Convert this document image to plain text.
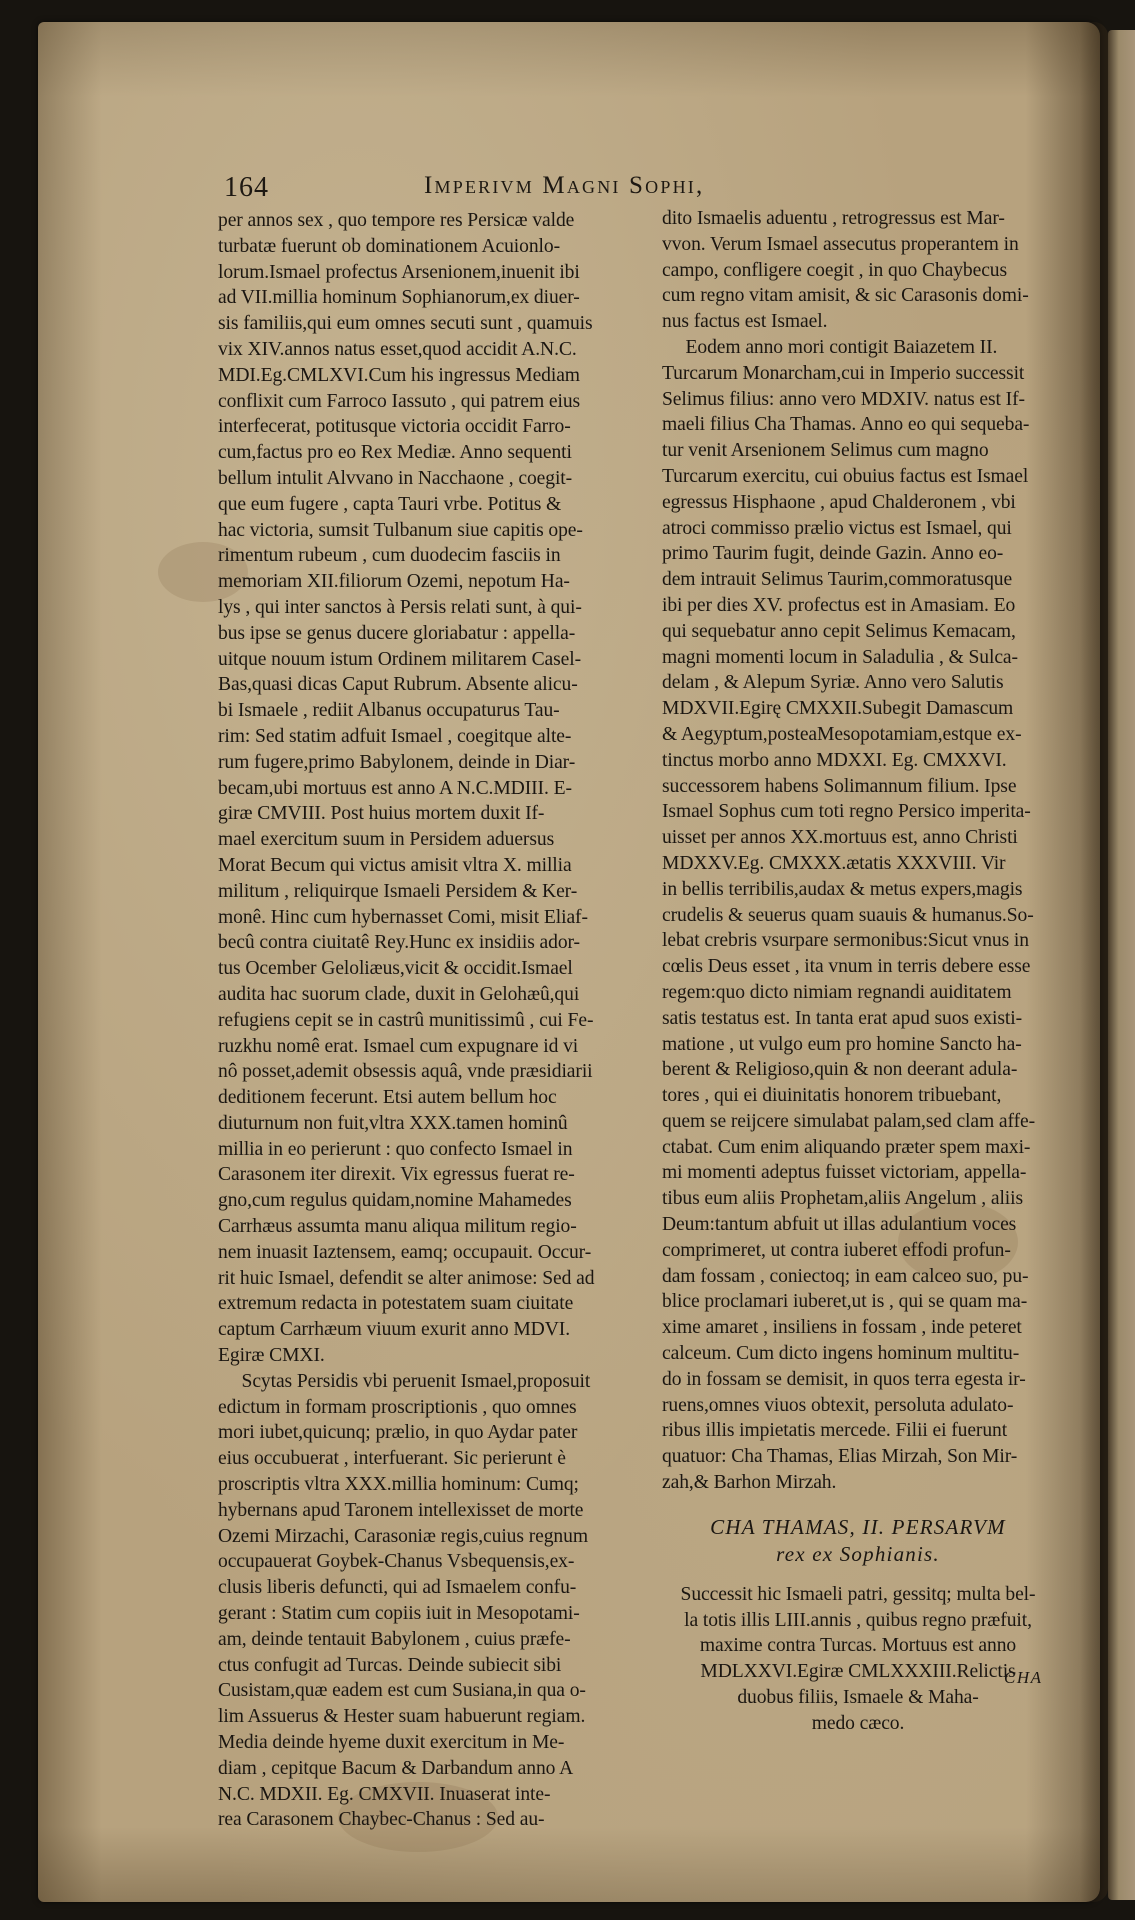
164	Imperivm Magni Sophi,

per annos sex , quo tempore res Persicæ valde
turbatæ fuerunt ob dominationem Acuionlo-
lorum.Ismael profectus Arsenionem,inuenit ibi
ad VII.millia hominum Sophianorum,ex diuer-
sis familiis,qui eum omnes secuti sunt , quamuis
vix XIV.annos natus esset,quod accidit A.N.C.
MDI.Eg.CMLXVI.Cum his ingressus Mediam
conflixit cum Farroco Iassuto , qui patrem eius
interfecerat, potitusque victoria occidit Farro-
cum,factus pro eo Rex Mediæ. Anno sequenti
bellum intulit Alvvano in Nacchaone , coegit-
que eum fugere , capta Tauri vrbe. Potitus &
hac victoria, sumsit Tulbanum siue capitis ope-
rimentum rubeum , cum duodecim fasciis in
memoriam XII.filiorum Ozemi, nepotum Ha-
lys , qui inter sanctos à Persis relati sunt, à qui-
bus ipse se genus ducere gloriabatur : appella-
uitque nouum istum Ordinem militarem Casel-
Bas,quasi dicas Caput Rubrum. Absente alicu-
bi Ismaele , rediit Albanus occupaturus Tau-
rim: Sed statim adfuit Ismael , coegitque alte-
rum fugere,primo Babylonem, deinde in Diar-
becam,ubi mortuus est anno A N.C.MDIII. E-
giræ CMVIII. Post huius mortem duxit If-
mael exercitum suum in Persidem aduersus
Morat Becum qui victus amisit vltra X. millia
militum , reliquirque Ismaeli Persidem & Ker-
monê. Hinc cum hybernasset Comi, misit Eliaf-
becû contra ciuitatê Rey.Hunc ex insidiis ador-
tus Ocember Geloliæus,vicit & occidit.Ismael
audita hac suorum clade, duxit in Gelohæû,qui
refugiens cepit se in castrû munitissimû , cui Fe-
ruzkhu nomê erat. Ismael cum expugnare id vi
nô posset,ademit obsessis aquâ, vnde præsidiarii
deditionem fecerunt. Etsi autem bellum hoc
diuturnum non fuit,vltra XXX.tamen hominû
millia in eo perierunt : quo confecto Ismael in
Carasonem iter direxit. Vix egressus fuerat re-
gno,cum regulus quidam,nomine Mahamedes
Carrhæus assumta manu aliqua militum regio-
nem inuasit Iaztensem, eamq; occupauit. Occur-
rit huic Ismael, defendit se alter animose: Sed ad
extremum redacta in potestatem suam ciuitate
captum Carrhæum viuum exurit anno MDVI.
Egiræ CMXI.

Scytas Persidis vbi peruenit Ismael,proposuit
edictum in formam proscriptionis , quo omnes
mori iubet,quicunq; prælio, in quo Aydar pater
eius occubuerat , interfuerant. Sic perierunt è
proscriptis vltra XXX.millia hominum: Cumq;
hybernans apud Taronem intellexisset de morte
Ozemi Mirzachi, Carasoniæ regis,cuius regnum
occupauerat Goybek-Chanus Vsbequensis,ex-
clusis liberis defuncti, qui ad Ismaelem confu-
gerant : Statim cum copiis iuit in Mesopotami-
am, deinde tentauit Babylonem , cuius præfe-
ctus confugit ad Turcas. Deinde subiecit sibi
Cusistam,quæ eadem est cum Susiana,in qua o-
lim Assuerus & Hester suam habuerunt regiam.
Media deinde hyeme duxit exercitum in Me-
diam , cepitque Bacum & Darbandum anno A
N.C. MDXII. Eg. CMXVII. Inuaserat inte-
rea Carasonem Chaybec-Chanus : Sed au-

dito Ismaelis aduentu , retrogressus est Mar-
vvon. Verum Ismael assecutus properantem in
campo, confligere coegit , in quo Chaybecus
cum regno vitam amisit, & sic Carasonis domi-
nus factus est Ismael.

Eodem anno mori contigit Baiazetem II.
Turcarum Monarcham,cui in Imperio successit
Selimus filius: anno vero MDXIV. natus est If-
maeli filius Cha Thamas. Anno eo qui sequeba-
tur venit Arsenionem Selimus cum magno
Turcarum exercitu, cui obuius factus est Ismael
egressus Hisphaone , apud Chalderonem , vbi
atroci commisso prælio victus est Ismael, qui
primo Taurim fugit, deinde Gazin. Anno eo-
dem intrauit Selimus Taurim,commoratusque
ibi per dies XV. profectus est in Amasiam. Eo
qui sequebatur anno cepit Selimus Kemacam,
magni momenti locum in Saladulia , & Sulca-
delam , & Alepum Syriæ. Anno vero Salutis
MDXVII.Egirę CMXXII.Subegit Damascum
& Aegyptum,posteaMesopotamiam,estque ex-
tinctus morbo anno MDXXI. Eg. CMXXVI.
successorem habens Solimannum filium. Ipse
Ismael Sophus cum toti regno Persico imperita-
uisset per annos XX.mortuus est, anno Christi
MDXXV.Eg. CMXXX.ætatis XXXVIII. Vir
in bellis terribilis,audax & metus expers,magis
crudelis & seuerus quam suauis & humanus.So-
lebat crebris vsurpare sermonibus:Sicut vnus in
cœlis Deus esset , ita vnum in terris debere esse
regem:quo dicto nimiam regnandi auiditatem
satis testatus est. In tanta erat apud suos existi-
matione , ut vulgo eum pro homine Sancto ha-
berent & Religioso,quin & non deerant adula-
tores , qui ei diuinitatis honorem tribuebant,
quem se reijcere simulabat palam,sed clam affe-
ctabat. Cum enim aliquando præter spem maxi-
mi momenti adeptus fuisset victoriam, appella-
tibus eum aliis Prophetam,aliis Angelum , aliis
Deum:tantum abfuit ut illas adulantium voces
comprimeret, ut contra iuberet effodi profun-
dam fossam , coniectoq; in eam calceo suo, pu-
blice proclamari iuberet,ut is , qui se quam ma-
xime amaret , insiliens in fossam , inde peteret
calceum. Cum dicto ingens hominum multitu-
do in fossam se demisit, in quos terra egesta ir-
ruens,omnes viuos obtexit, persoluta adulato-
ribus illis impietatis mercede. Filii ei fuerunt
quatuor: Cha Thamas, Elias Mirzah, Son Mir-
zah,& Barhon Mirzah.

CHA THAMAS, II. PERSARVM
rex ex Sophianis.

Successit hic Ismaeli patri, gessitq; multa bel-
la totis illis LIII.annis , quibus regno præfuit,
maxime contra Turcas. Mortuus est anno
MDLXXVI.Egiræ CMLXXXIII.Relictis
duobus filiis, Ismaele & Maha-
medo cæco.

CHA
